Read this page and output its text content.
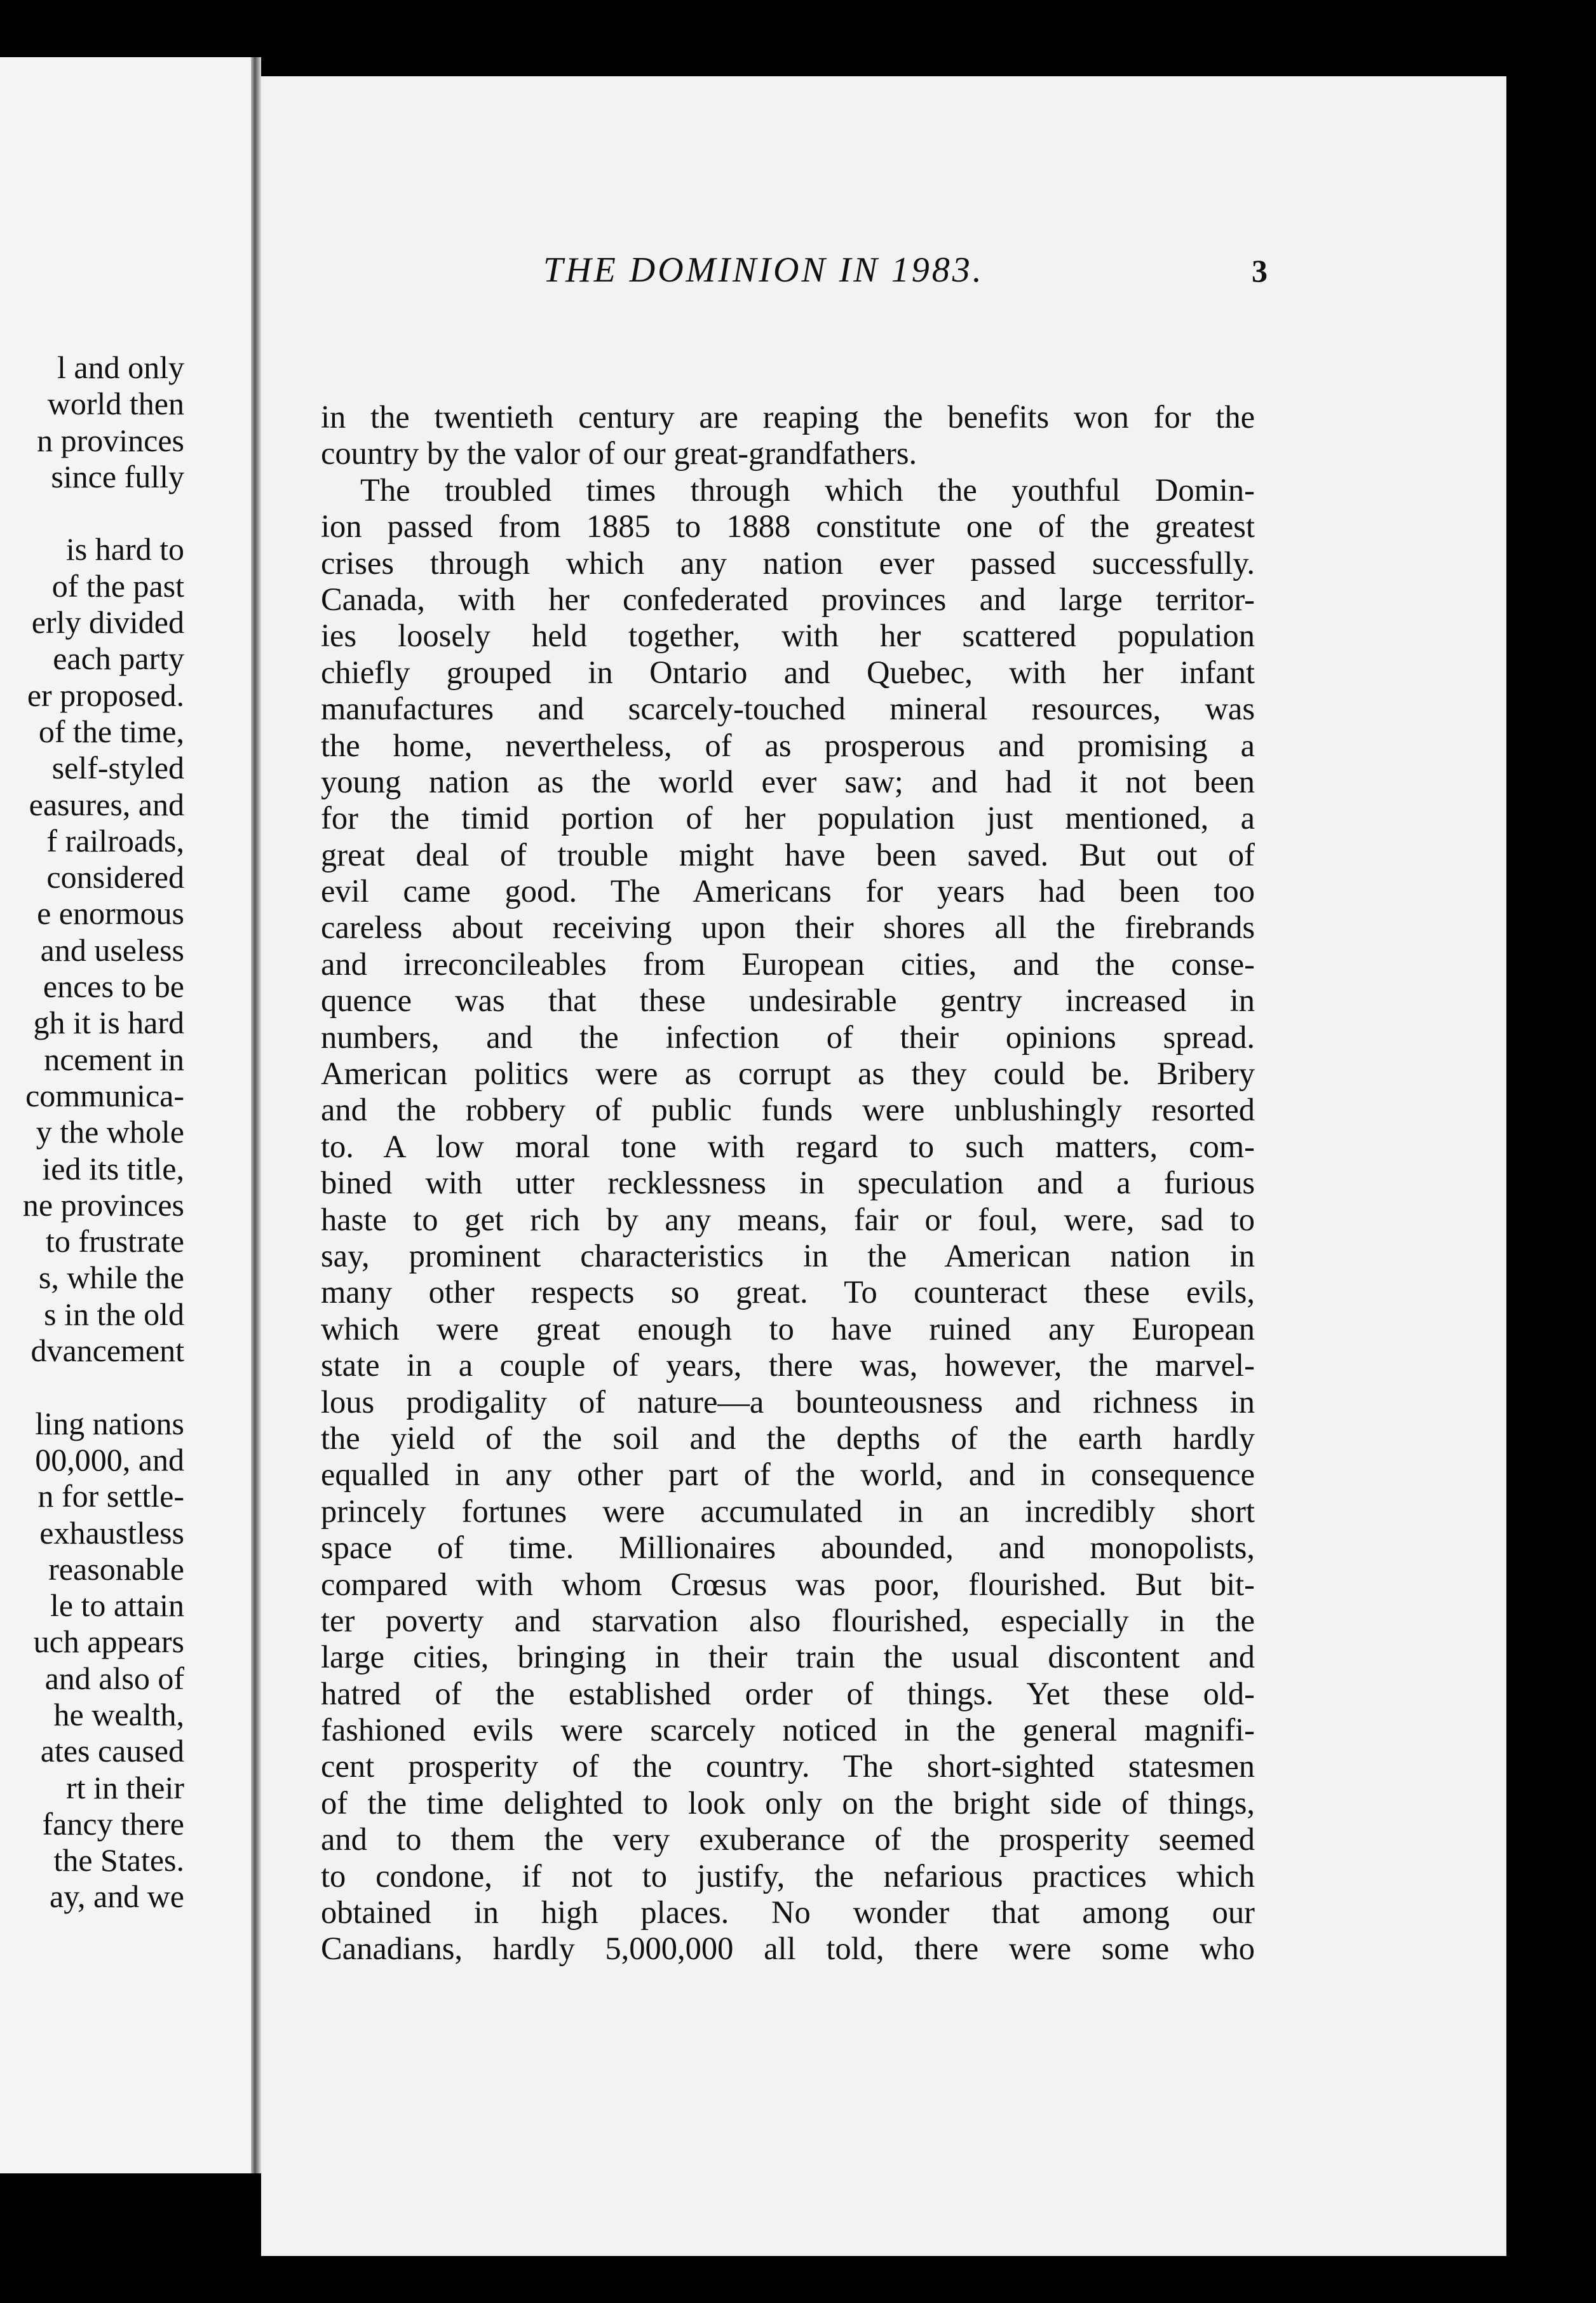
l and only
world then
n provinces
since fully
is hard to
of the past
erly divided
each party
er proposed.
of the time,
self-styled
easures, and
f railroads,
considered
e enormous
and useless
ences to be
gh it is hard
ncement in
communica-
y the whole
ied its title,
ne provinces
to frustrate
s, while the
s in the old
dvancement
ling nations
00,000, and
n for settle-
exhaustless
reasonable
le to attain
uch appears
and also of
he wealth,
ates caused
rt in their
fancy there
the States.
ay, and we
THE DOMINION IN 1983.	3
in the twentieth century are reaping the benefits won for the
country by the valor of our great-grandfathers.
The troubled times through which the youthful Domin-
ion passed from 1885 to 1888 constitute one of the greatest
crises through which any nation ever passed successfully.
Canada, with her confederated provinces and large territor-
ies loosely held together, with her scattered population
chiefly grouped in Ontario and Quebec, with her infant
manufactures and scarcely-touched mineral resources, was
the home, nevertheless, of as prosperous and promising a
young nation as the world ever saw; and had it not been
for the timid portion of her population just mentioned, a
great deal of trouble might have been saved. But out of
evil came good. The Americans for years had been too
careless about receiving upon their shores all the firebrands
and irreconcileables from European cities, and the conse-
quence was that these undesirable gentry increased in
numbers, and the infection of their opinions spread.
American politics were as corrupt as they could be. Bribery
and the robbery of public funds were unblushingly resorted
to. A low moral tone with regard to such matters, com-
bined with utter recklessness in speculation and a furious
haste to get rich by any means, fair or foul, were, sad to
say, prominent characteristics in the American nation in
many other respects so great. To counteract these evils,
which were great enough to have ruined any European
state in a couple of years, there was, however, the marvel-
lous prodigality of nature—a bounteousness and richness in
the yield of the soil and the depths of the earth hardly
equalled in any other part of the world, and in consequence
princely fortunes were accumulated in an incredibly short
space of time. Millionaires abounded, and monopolists,
compared with whom Crœsus was poor, flourished. But bit-
ter poverty and starvation also flourished, especially in the
large cities, bringing in their train the usual discontent and
hatred of the established order of things. Yet these old-
fashioned evils were scarcely noticed in the general magnifi-
cent prosperity of the country. The short-sighted statesmen
of the time delighted to look only on the bright side of things,
and to them the very exuberance of the prosperity seemed
to condone, if not to justify, the nefarious practices which
obtained in high places. No wonder that among our
Canadians, hardly 5,000,000 all told, there were some who
